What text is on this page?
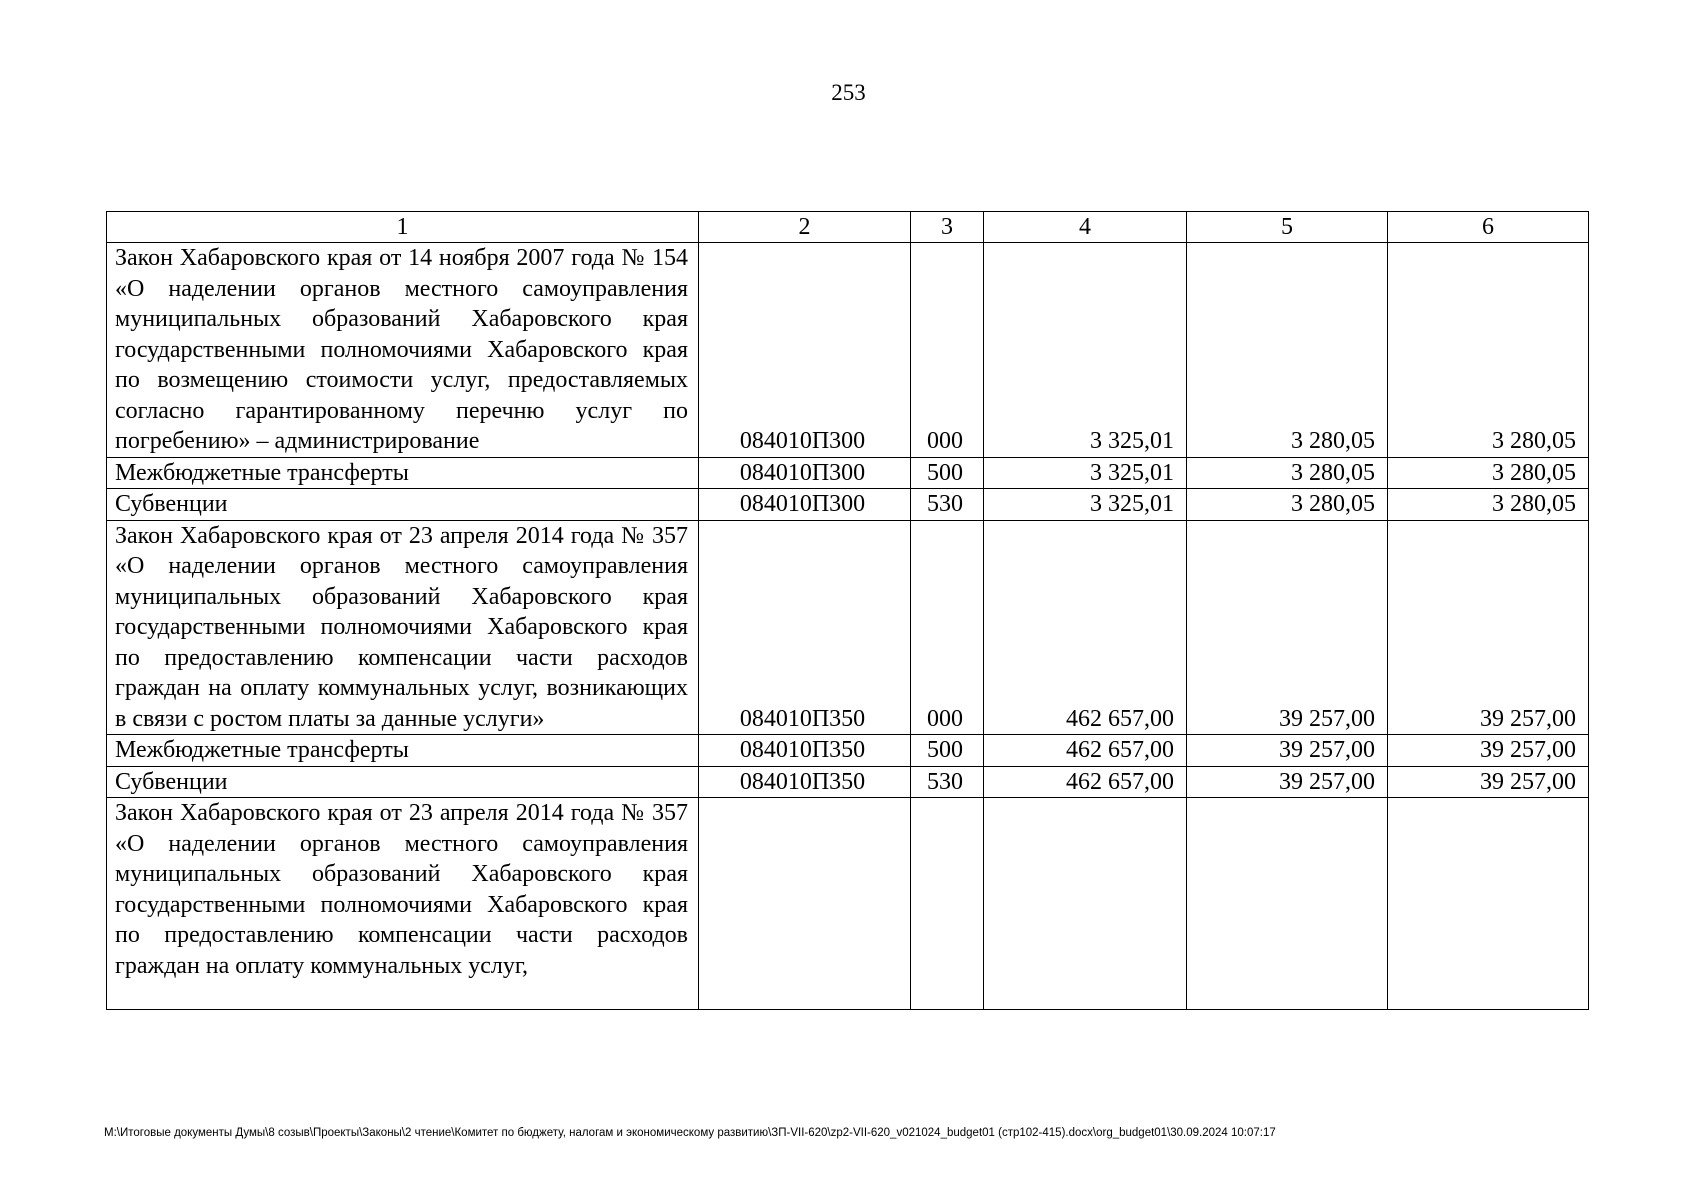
253
1	2	3	4	5	6
Закон Хабаровского края от 14 ноября 2007 года № 154 «О наделении органов местного самоуправления муниципальных образований Хабаровского края государственными полномочиями Хабаровского края по возмещению стоимости услуг, предоставляемых согласно гарантированному перечню услуг по погребению» – администрирование	084010П300	000	3 325,01	3 280,05	3 280,05
Межбюджетные трансферты	084010П300	500	3 325,01	3 280,05	3 280,05
Субвенции	084010П300	530	3 325,01	3 280,05	3 280,05
Закон Хабаровского края от 23 апреля 2014 года № 357 «О наделении органов местного самоуправления муниципальных образований Хабаровского края государственными полномочиями Хабаровского края по предоставлению компенсации части расходов граждан на оплату коммунальных услуг, возникающих в связи с ростом платы за данные услуги»	084010П350	000	462 657,00	39 257,00	39 257,00
Межбюджетные трансферты	084010П350	500	462 657,00	39 257,00	39 257,00
Субвенции	084010П350	530	462 657,00	39 257,00	39 257,00
Закон Хабаровского края от 23 апреля 2014 года № 357 «О наделении органов местного самоуправления муниципальных образований Хабаровского края государственными полномочиями Хабаровского края по предоставлению компенсации части расходов граждан на оплату коммунальных услуг,					
M:\Итоговые документы Думы\8 созыв\Проекты\Законы\2 чтение\Комитет по бюджету, налогам и экономическому развитию\ЗП-VII-620\zp2-VII-620_v021024_budget01 (стр102-415).docx\org_budget01\30.09.2024 10:07:17
